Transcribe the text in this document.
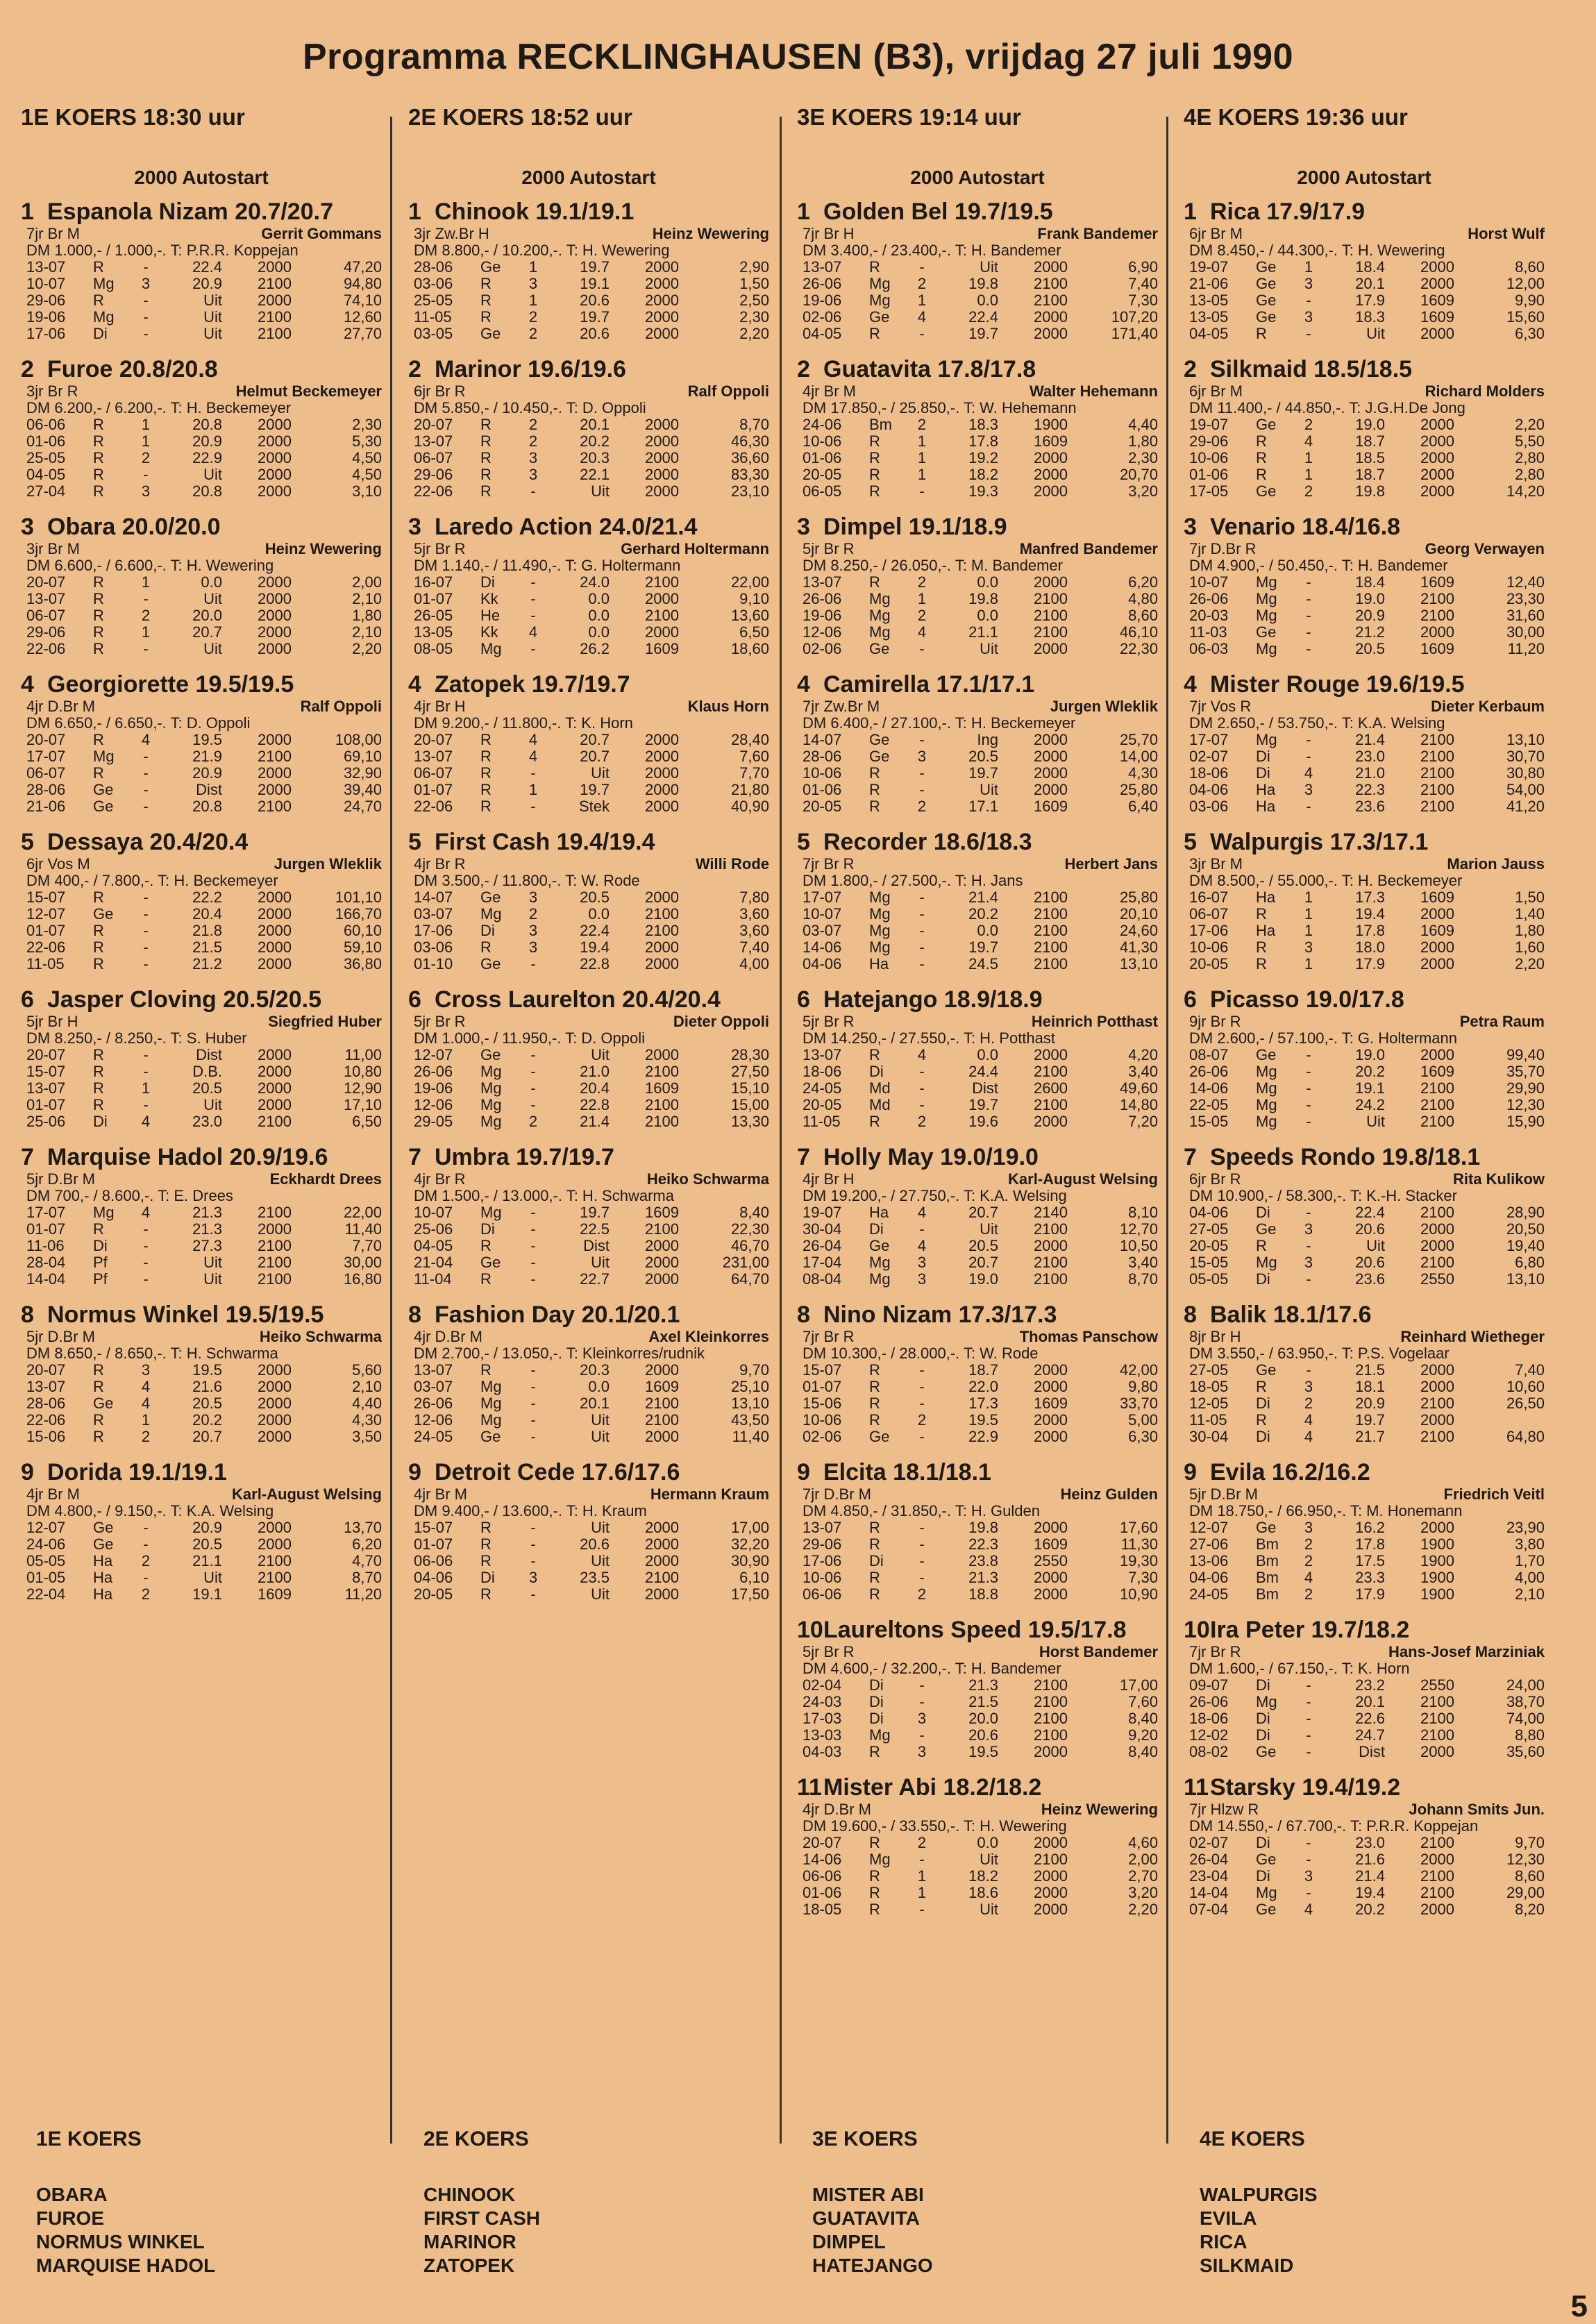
Programma RECKLINGHAUSEN (B3), vrijdag 27 juli 1990
1E KOERS 18:30 uur
2000 Autostart
1 Espanola Nizam 20.7/20.7
7jr Br M	Gerrit Gommans
DM 1.000,- / 1.000,-. T: P.R.R. Koppejan
13-07	R	-	22.4	2000	47,20
10-07	Mg	3	20.9	2100	94,80
29-06	R	-	Uit	2000	74,10
19-06	Mg	-	Uit	2100	12,60
17-06	Di	-	Uit	2100	27,70
2 Furoe 20.8/20.8
3jr Br R	Helmut Beckemeyer
DM 6.200,- / 6.200,-. T: H. Beckemeyer
06-06	R	1	20.8	2000	2,30
01-06	R	1	20.9	2000	5,30
25-05	R	2	22.9	2000	4,50
04-05	R	-	Uit	2000	4,50
27-04	R	3	20.8	2000	3,10
3 Obara 20.0/20.0
3jr Br M	Heinz Wewering
DM 6.600,- / 6.600,-. T: H. Wewering
20-07	R	1	0.0	2000	2,00
13-07	R	-	Uit	2000	2,10
06-07	R	2	20.0	2000	1,80
29-06	R	1	20.7	2000	2,10
22-06	R	-	Uit	2000	2,20
4 Georgiorette 19.5/19.5
4jr D.Br M	Ralf Oppoli
DM 6.650,- / 6.650,-. T: D. Oppoli
20-07	R	4	19.5	2000	108,00
17-07	Mg	-	21.9	2100	69,10
06-07	R	-	20.9	2000	32,90
28-06	Ge	-	Dist	2000	39,40
21-06	Ge	-	20.8	2100	24,70
5 Dessaya 20.4/20.4
6jr Vos M	Jurgen Wleklik
DM 400,- / 7.800,-. T: H. Beckemeyer
15-07	R	-	22.2	2000	101,10
12-07	Ge	-	20.4	2000	166,70
01-07	R	-	21.8	2000	60,10
22-06	R	-	21.5	2000	59,10
11-05	R	-	21.2	2000	36,80
6 Jasper Cloving 20.5/20.5
5jr Br H	Siegfried Huber
DM 8.250,- / 8.250,-. T: S. Huber
20-07	R	-	Dist	2000	11,00
15-07	R	-	D.B.	2000	10,80
13-07	R	1	20.5	2000	12,90
01-07	R	-	Uit	2000	17,10
25-06	Di	4	23.0	2100	6,50
7 Marquise Hadol 20.9/19.6
5jr D.Br M	Eckhardt Drees
DM 700,- / 8.600,-. T: E. Drees
17-07	Mg	4	21.3	2100	22,00
01-07	R	-	21.3	2000	11,40
11-06	Di	-	27.3	2100	7,70
28-04	Pf	-	Uit	2100	30,00
14-04	Pf	-	Uit	2100	16,80
8 Normus Winkel 19.5/19.5
5jr D.Br M	Heiko Schwarma
DM 8.650,- / 8.650,-. T: H. Schwarma
20-07	R	3	19.5	2000	5,60
13-07	R	4	21.6	2000	2,10
28-06	Ge	4	20.5	2000	4,40
22-06	R	1	20.2	2000	4,30
15-06	R	2	20.7	2000	3,50
9 Dorida 19.1/19.1
4jr Br M	Karl-August Welsing
DM 4.800,- / 9.150,-. T: K.A. Welsing
12-07	Ge	-	20.9	2000	13,70
24-06	Ge	-	20.5	2000	6,20
05-05	Ha	2	21.1	2100	4,70
01-05	Ha	-	Uit	2100	8,70
22-04	Ha	2	19.1	1609	11,20
2E KOERS 18:52 uur
2000 Autostart
1 Chinook 19.1/19.1
3jr Zw.Br H	Heinz Wewering
DM 8.800,- / 10.200,-. T: H. Wewering
28-06	Ge	1	19.7	2000	2,90
03-06	R	3	19.1	2000	1,50
25-05	R	1	20.6	2000	2,50
11-05	R	2	19.7	2000	2,30
03-05	Ge	2	20.6	2000	2,20
2 Marinor 19.6/19.6
6jr Br R	Ralf Oppoli
DM 5.850,- / 10.450,-. T: D. Oppoli
20-07	R	2	20.1	2000	8,70
13-07	R	2	20.2	2000	46,30
06-07	R	3	20.3	2000	36,60
29-06	R	3	22.1	2000	83,30
22-06	R	-	Uit	2000	23,10
3 Laredo Action 24.0/21.4
5jr Br R	Gerhard Holtermann
DM 1.140,- / 11.490,-. T: G. Holtermann
16-07	Di	-	24.0	2100	22,00
01-07	Kk	-	0.0	2000	9,10
26-05	He	-	0.0	2100	13,60
13-05	Kk	4	0.0	2000	6,50
08-05	Mg	-	26.2	1609	18,60
4 Zatopek 19.7/19.7
4jr Br H	Klaus Horn
DM 9.200,- / 11.800,-. T: K. Horn
20-07	R	4	20.7	2000	28,40
13-07	R	4	20.7	2000	7,60
06-07	R	-	Uit	2000	7,70
01-07	R	1	19.7	2000	21,80
22-06	R	-	Stek	2000	40,90
5 First Cash 19.4/19.4
4jr Br R	Willi Rode
DM 3.500,- / 11.800,-. T: W. Rode
14-07	Ge	3	20.5	2000	7,80
03-07	Mg	2	0.0	2100	3,60
17-06	Di	3	22.4	2100	3,60
03-06	R	3	19.4	2000	7,40
01-10	Ge	-	22.8	2000	4,00
6 Cross Laurelton 20.4/20.4
5jr Br R	Dieter Oppoli
DM 1.000,- / 11.950,-. T: D. Oppoli
12-07	Ge	-	Uit	2000	28,30
26-06	Mg	-	21.0	2100	27,50
19-06	Mg	-	20.4	1609	15,10
12-06	Mg	-	22.8	2100	15,00
29-05	Mg	2	21.4	2100	13,30
7 Umbra 19.7/19.7
4jr Br R	Heiko Schwarma
DM 1.500,- / 13.000,-. T: H. Schwarma
10-07	Mg	-	19.7	1609	8,40
25-06	Di	-	22.5	2100	22,30
04-05	R	-	Dist	2000	46,70
21-04	Ge	-	Uit	2000	231,00
11-04	R	-	22.7	2000	64,70
8 Fashion Day 20.1/20.1
4jr D.Br M	Axel Kleinkorres
DM 2.700,- / 13.050,-. T: Kleinkorres/rudnik
13-07	R	-	20.3	2000	9,70
03-07	Mg	-	0.0	1609	25,10
26-06	Mg	-	20.1	2100	13,10
12-06	Mg	-	Uit	2100	43,50
24-05	Ge	-	Uit	2000	11,40
9 Detroit Cede 17.6/17.6
4jr Br M	Hermann Kraum
DM 9.400,- / 13.600,-. T: H. Kraum
15-07	R	-	Uit	2000	17,00
01-07	R	-	20.6	2000	32,20
06-06	R	-	Uit	2000	30,90
04-06	Di	3	23.5	2100	6,10
20-05	R	-	Uit	2000	17,50
3E KOERS 19:14 uur
2000 Autostart
1 Golden Bel 19.7/19.5
7jr Br H	Frank Bandemer
DM 3.400,- / 23.400,-. T: H. Bandemer
13-07	R	-	Uit	2000	6,90
26-06	Mg	2	19.8	2100	7,40
19-06	Mg	1	0.0	2100	7,30
02-06	Ge	4	22.4	2000	107,20
04-05	R	-	19.7	2000	171,40
2 Guatavita 17.8/17.8
4jr Br M	Walter Hehemann
DM 17.850,- / 25.850,-. T: W. Hehemann
24-06	Bm	2	18.3	1900	4,40
10-06	R	1	17.8	1609	1,80
01-06	R	1	19.2	2000	2,30
20-05	R	1	18.2	2000	20,70
06-05	R	-	19.3	2000	3,20
3 Dimpel 19.1/18.9
5jr Br R	Manfred Bandemer
DM 8.250,- / 26.050,-. T: M. Bandemer
13-07	R	2	0.0	2000	6,20
26-06	Mg	1	19.8	2100	4,80
19-06	Mg	2	0.0	2100	8,60
12-06	Mg	4	21.1	2100	46,10
02-06	Ge	-	Uit	2000	22,30
4 Camirella 17.1/17.1
7jr Zw.Br M	Jurgen Wleklik
DM 6.400,- / 27.100,-. T: H. Beckemeyer
14-07	Ge	-	Ing	2000	25,70
28-06	Ge	3	20.5	2000	14,00
10-06	R	-	19.7	2000	4,30
01-06	R	-	Uit	2000	25,80
20-05	R	2	17.1	1609	6,40
5 Recorder 18.6/18.3
7jr Br R	Herbert Jans
DM 1.800,- / 27.500,-. T: H. Jans
17-07	Mg	-	21.4	2100	25,80
10-07	Mg	-	20.2	2100	20,10
03-07	Mg	-	0.0	2100	24,60
14-06	Mg	-	19.7	2100	41,30
04-06	Ha	-	24.5	2100	13,10
6 Hatejango 18.9/18.9
5jr Br R	Heinrich Potthast
DM 14.250,- / 27.550,-. T: H. Potthast
13-07	R	4	0.0	2000	4,20
18-06	Di	-	24.4	2100	3,40
24-05	Md	-	Dist	2600	49,60
20-05	Md	-	19.7	2100	14,80
11-05	R	2	19.6	2000	7,20
7 Holly May 19.0/19.0
4jr Br H	Karl-August Welsing
DM 19.200,- / 27.750,-. T: K.A. Welsing
19-07	Ha	4	20.7	2140	8,10
30-04	Di	-	Uit	2100	12,70
26-04	Ge	4	20.5	2000	10,50
17-04	Mg	3	20.7	2100	3,40
08-04	Mg	3	19.0	2100	8,70
8 Nino Nizam 17.3/17.3
7jr Br R	Thomas Panschow
DM 10.300,- / 28.000,-. T: W. Rode
15-07	R	-	18.7	2000	42,00
01-07	R	-	22.0	2000	9,80
15-06	R	-	17.3	1609	33,70
10-06	R	2	19.5	2000	5,00
02-06	Ge	-	22.9	2000	6,30
9 Elcita 18.1/18.1
7jr D.Br M	Heinz Gulden
DM 4.850,- / 31.850,-. T: H. Gulden
13-07	R	-	19.8	2000	17,60
29-06	R	-	22.3	1609	11,30
17-06	Di	-	23.8	2550	19,30
10-06	R	-	21.3	2000	7,30
06-06	R	2	18.8	2000	10,90
10 Laureltons Speed 19.5/17.8
5jr Br R	Horst Bandemer
DM 4.600,- / 32.200,-. T: H. Bandemer
02-04	Di	-	21.3	2100	17,00
24-03	Di	-	21.5	2100	7,60
17-03	Di	3	20.0	2100	8,40
13-03	Mg	-	20.6	2100	9,20
04-03	R	3	19.5	2000	8,40
11 Mister Abi 18.2/18.2
4jr D.Br M	Heinz Wewering
DM 19.600,- / 33.550,-. T: H. Wewering
20-07	R	2	0.0	2000	4,60
14-06	Mg	-	Uit	2100	2,00
06-06	R	1	18.2	2000	2,70
01-06	R	1	18.6	2000	3,20
18-05	R	-	Uit	2000	2,20
4E KOERS 19:36 uur
2000 Autostart
1 Rica 17.9/17.9
6jr Br M	Horst Wulf
DM 8.450,- / 44.300,-. T: H. Wewering
19-07	Ge	1	18.4	2000	8,60
21-06	Ge	3	20.1	2000	12,00
13-05	Ge	-	17.9	1609	9,90
13-05	Ge	3	18.3	1609	15,60
04-05	R	-	Uit	2000	6,30
2 Silkmaid 18.5/18.5
6jr Br M	Richard Molders
DM 11.400,- / 44.850,-. T: J.G.H.De Jong
19-07	Ge	2	19.0	2000	2,20
29-06	R	4	18.7	2000	5,50
10-06	R	1	18.5	2000	2,80
01-06	R	1	18.7	2000	2,80
17-05	Ge	2	19.8	2000	14,20
3 Venario 18.4/16.8
7jr D.Br R	Georg Verwayen
DM 4.900,- / 50.450,-. T: H. Bandemer
10-07	Mg	-	18.4	1609	12,40
26-06	Mg	-	19.0	2100	23,30
20-03	Mg	-	20.9	2100	31,60
11-03	Ge	-	21.2	2000	30,00
06-03	Mg	-	20.5	1609	11,20
4 Mister Rouge 19.6/19.5
7jr Vos R	Dieter Kerbaum
DM 2.650,- / 53.750,-. T: K.A. Welsing
17-07	Mg	-	21.4	2100	13,10
02-07	Di	-	23.0	2100	30,70
18-06	Di	4	21.0	2100	30,80
04-06	Ha	3	22.3	2100	54,00
03-06	Ha	-	23.6	2100	41,20
5 Walpurgis 17.3/17.1
3jr Br M	Marion Jauss
DM 8.500,- / 55.000,-. T: H. Beckemeyer
16-07	Ha	1	17.3	1609	1,50
06-07	R	1	19.4	2000	1,40
17-06	Ha	1	17.8	1609	1,80
10-06	R	3	18.0	2000	1,60
20-05	R	1	17.9	2000	2,20
6 Picasso 19.0/17.8
9jr Br R	Petra Raum
DM 2.600,- / 57.100,-. T: G. Holtermann
08-07	Ge	-	19.0	2000	99,40
26-06	Mg	-	20.2	1609	35,70
14-06	Mg	-	19.1	2100	29,90
22-05	Mg	-	24.2	2100	12,30
15-05	Mg	-	Uit	2100	15,90
7 Speeds Rondo 19.8/18.1
6jr Br R	Rita Kulikow
DM 10.900,- / 58.300,-. T: K.-H. Stacker
04-06	Di	-	22.4	2100	28,90
27-05	Ge	3	20.6	2000	20,50
20-05	R	-	Uit	2000	19,40
15-05	Mg	3	20.6	2100	6,80
05-05	Di	-	23.6	2550	13,10
8 Balik 18.1/17.6
8jr Br H	Reinhard Wietheger
DM 3.550,- / 63.950,-. T: P.S. Vogelaar
27-05	Ge	-	21.5	2000	7,40
18-05	R	3	18.1	2000	10,60
12-05	Di	2	20.9	2100	26,50
11-05	R	4	19.7	2000	
30-04	Di	4	21.7	2100	64,80
9 Evila 16.2/16.2
5jr D.Br M	Friedrich Veitl
DM 18.750,- / 66.950,-. T: M. Honemann
12-07	Ge	3	16.2	2000	23,90
27-06	Bm	2	17.8	1900	3,80
13-06	Bm	2	17.5	1900	1,70
04-06	Bm	4	23.3	1900	4,00
24-05	Bm	2	17.9	1900	2,10
10 Ira Peter 19.7/18.2
7jr Br R	Hans-Josef Marziniak
DM 1.600,- / 67.150,-. T: K. Horn
09-07	Di	-	23.2	2550	24,00
26-06	Mg	-	20.1	2100	38,70
18-06	Di	-	22.6	2100	74,00
12-02	Di	-	24.7	2100	8,80
08-02	Ge	-	Dist	2000	35,60
11 Starsky 19.4/19.2
7jr Hlzw R	Johann Smits Jun.
DM 14.550,- / 67.700,-. T: P.R.R. Koppejan
02-07	Di	-	23.0	2100	9,70
26-04	Ge	-	21.6	2000	12,30
23-04	Di	3	21.4	2100	8,60
14-04	Mg	-	19.4	2100	29,00
07-04	Ge	4	20.2	2000	8,20
1E KOERS
OBARA
FUROE
NORMUS WINKEL
MARQUISE HADOL
2E KOERS
CHINOOK
FIRST CASH
MARINOR
ZATOPEK
3E KOERS
MISTER ABI
GUATAVITA
DIMPEL
HATEJANGO
4E KOERS
WALPURGIS
EVILA
RICA
SILKMAID
5
